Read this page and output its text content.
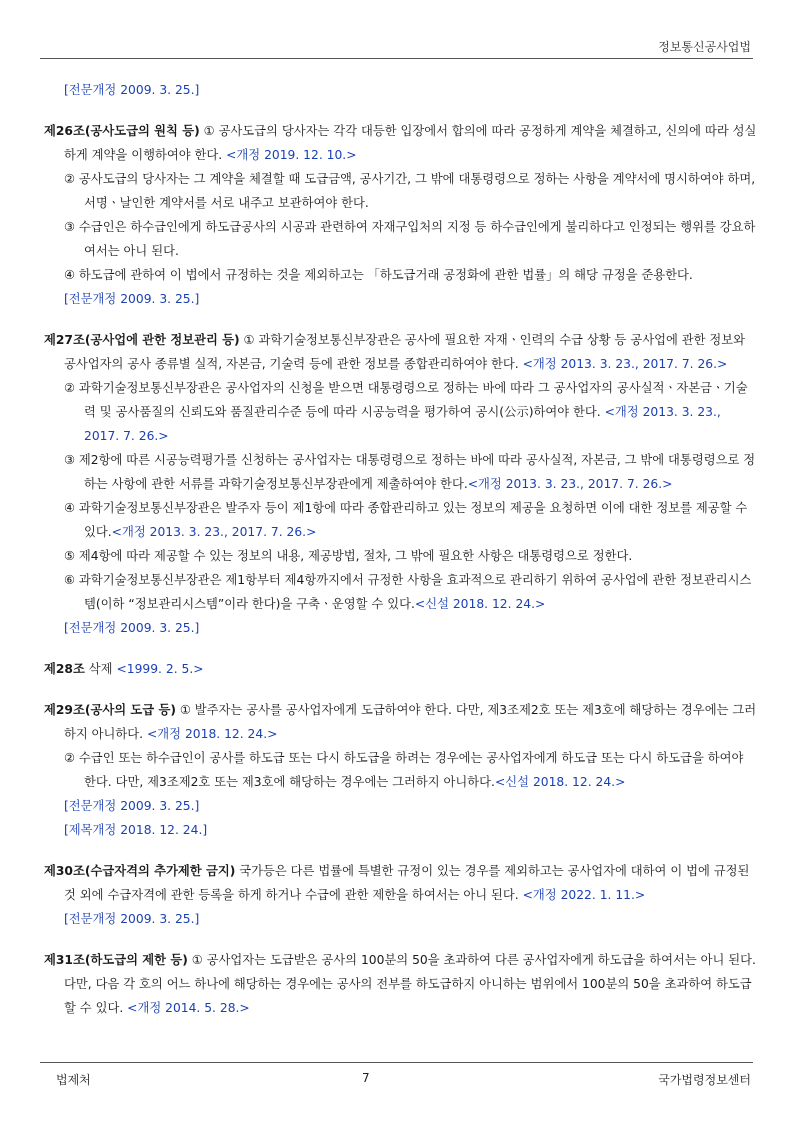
정보통신공사업법

[전문개정 2009. 3. 25.]

제26조(공사도급의 원칙 등) ① 공사도급의 당사자는 각각 대등한 입장에서 합의에 따라 공정하게 계약을 체결하고, 신의에 따라 성실하게 계약을 이행하여야 한다. <개정 2019. 12. 10.>

② 공사도급의 당사자는 그 계약을 체결할 때 도급금액, 공사기간, 그 밖에 대통령령으로 정하는 사항을 계약서에 명시하여야 하며, 서명ㆍ날인한 계약서를 서로 내주고 보관하여야 한다.

③ 수급인은 하수급인에게 하도급공사의 시공과 관련하여 자재구입처의 지정 등 하수급인에게 불리하다고 인정되는 행위를 강요하여서는 아니 된다.

④ 하도급에 관하여 이 법에서 규정하는 것을 제외하고는 「하도급거래 공정화에 관한 법률」의 해당 규정을 준용한다.

[전문개정 2009. 3. 25.]

제27조(공사업에 관한 정보관리 등) ① 과학기술정보통신부장관은 공사에 필요한 자재ㆍ인력의 수급 상황 등 공사업에 관한 정보와 공사업자의 공사 종류별 실적, 자본금, 기술력 등에 관한 정보를 종합관리하여야 한다. <개정 2013. 3. 23., 2017. 7. 26.>

② 과학기술정보통신부장관은 공사업자의 신청을 받으면 대통령령으로 정하는 바에 따라 그 공사업자의 공사실적ㆍ자본금ㆍ기술력 및 공사품질의 신뢰도와 품질관리수준 등에 따라 시공능력을 평가하여 공시(公示)하여야 한다. <개정 2013. 3. 23., 2017. 7. 26.>

③ 제2항에 따른 시공능력평가를 신청하는 공사업자는 대통령령으로 정하는 바에 따라 공사실적, 자본금, 그 밖에 대통령령으로 정하는 사항에 관한 서류를 과학기술정보통신부장관에게 제출하여야 한다.<개정 2013. 3. 23., 2017. 7. 26.>

④ 과학기술정보통신부장관은 발주자 등이 제1항에 따라 종합관리하고 있는 정보의 제공을 요청하면 이에 대한 정보를 제공할 수 있다.<개정 2013. 3. 23., 2017. 7. 26.>

⑤ 제4항에 따라 제공할 수 있는 정보의 내용, 제공방법, 절차, 그 밖에 필요한 사항은 대통령령으로 정한다.

⑥ 과학기술정보통신부장관은 제1항부터 제4항까지에서 규정한 사항을 효과적으로 관리하기 위하여 공사업에 관한 정보관리시스템(이하 “정보관리시스템”이라 한다)을 구축ㆍ운영할 수 있다.<신설 2018. 12. 24.>

[전문개정 2009. 3. 25.]

제28조 삭제 <1999. 2. 5.>

제29조(공사의 도급 등) ① 발주자는 공사를 공사업자에게 도급하여야 한다. 다만, 제3조제2호 또는 제3호에 해당하는 경우에는 그러하지 아니하다. <개정 2018. 12. 24.>

② 수급인 또는 하수급인이 공사를 하도급 또는 다시 하도급을 하려는 경우에는 공사업자에게 하도급 또는 다시 하도급을 하여야 한다. 다만, 제3조제2호 또는 제3호에 해당하는 경우에는 그러하지 아니하다.<신설 2018. 12. 24.>

[전문개정 2009. 3. 25.]

[제목개정 2018. 12. 24.]

제30조(수급자격의 추가제한 금지) 국가등은 다른 법률에 특별한 규정이 있는 경우를 제외하고는 공사업자에 대하여 이 법에 규정된 것 외에 수급자격에 관한 등록을 하게 하거나 수급에 관한 제한을 하여서는 아니 된다. <개정 2022. 1. 11.>

[전문개정 2009. 3. 25.]

제31조(하도급의 제한 등) ① 공사업자는 도급받은 공사의 100분의 50을 초과하여 다른 공사업자에게 하도급을 하여서는 아니 된다. 다만, 다음 각 호의 어느 하나에 해당하는 경우에는 공사의 전부를 하도급하지 아니하는 범위에서 100분의 50을 초과하여 하도급할 수 있다. <개정 2014. 5. 28.>

법제처	7	국가법령정보센터
